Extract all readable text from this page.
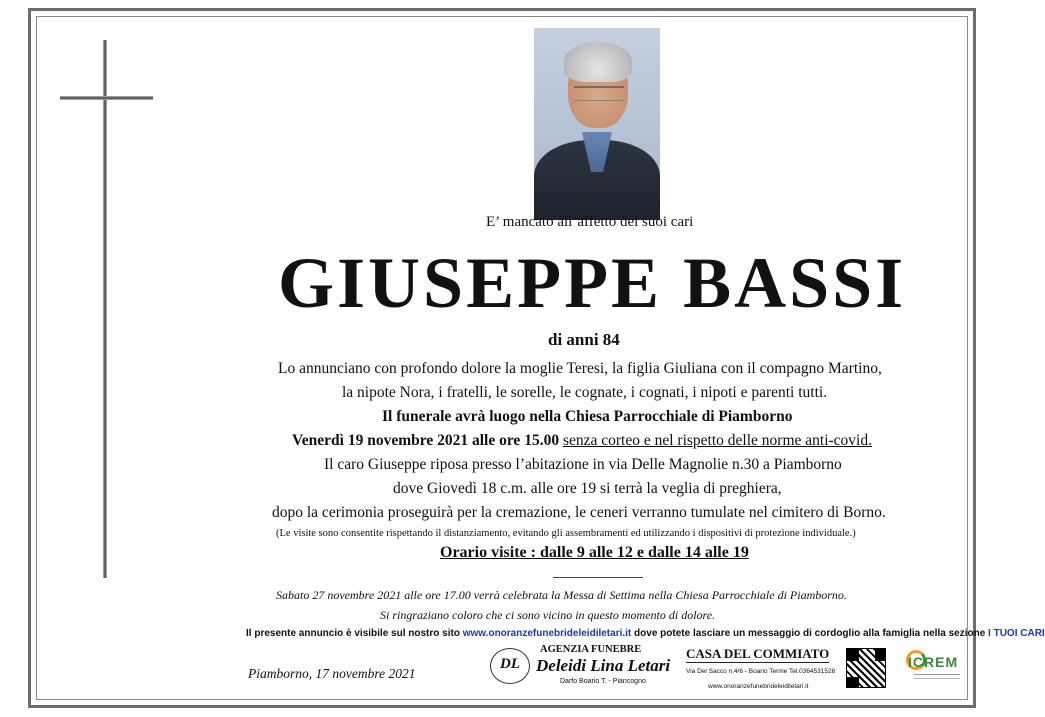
E’ mancato all’affetto dei suoi cari
GIUSEPPE BASSI
di anni 84
Lo annunciano con profondo dolore la moglie Teresi, la figlia Giuliana con il compagno Martino,
la nipote Nora, i fratelli, le sorelle, le cognate, i cognati, i nipoti e parenti tutti.
Il funerale avrà luogo nella Chiesa Parrocchiale di Piamborno
Venerdì 19 novembre 2021 alle ore 15.00 senza corteo e nel rispetto delle norme anti-covid.
Il caro Giuseppe riposa presso l’abitazione in via Delle Magnolie n.30 a Piamborno
dove Giovedì 18 c.m. alle ore 19 si terrà la veglia di preghiera,
dopo la cerimonia proseguirà per la cremazione, le ceneri verranno tumulate nel cimitero di Borno.
(Le visite sono consentite rispettando il distanziamento, evitando gli assembramenti ed utilizzando i dispositivi di protezione individuale.)
Orario visite : dalle 9 alle 12 e dalle 14 alle 19
Sabato 27 novembre 2021 alle ore 17.00 verrà celebrata la Messa di Settima nella Chiesa Parrocchiale di Piamborno.
Si ringraziano coloro che ci sono vicino in questo momento di dolore.
Il presente annuncio è visibile sul nostro sito www.onoranzefunebrideleidiletari.it dove potete lasciare un messaggio di cordoglio alla famiglia nella sezione I TUOI CARI
Piamborno, 17 novembre 2021
DL
AGENZIA FUNEBRE
Deleidi Lina Letari
Darfo Boario T. - Piancogno
CASA DEL COMMIATO
Via Del Sacco n.4/6 - Boario Terme Tel.0364531526
www.onoranzefunebrideleidiletari.it
ICREM
